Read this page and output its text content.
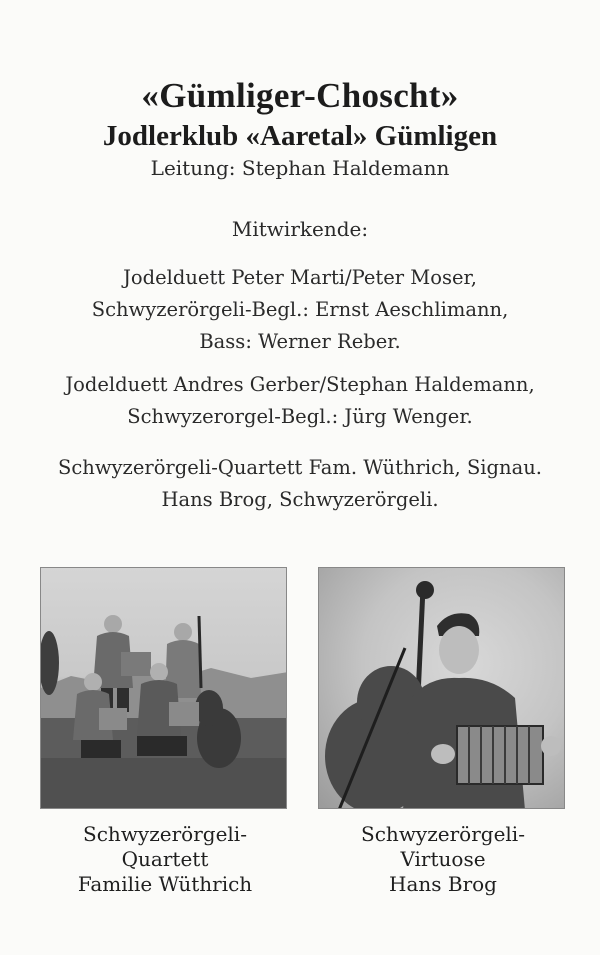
«Gümliger-Choscht»
Jodlerklub «Aaretal» Gümligen
Leitung: Stephan Haldemann
Mitwirkende:
Jodelduett Peter Marti/Peter Moser,
Schwyzerörgeli-Begl.: Ernst Aeschlimann,
Bass: Werner Reber.
Jodelduett Andres Gerber/Stephan Haldemann,
Schwyzerorgel-Begl.: Jürg Wenger.
Schwyzerörgeli-Quartett Fam. Wüthrich, Signau.
Hans Brog, Schwyzerörgeli.
Schwyzerörgeli-
Quartett
Familie Wüthrich
Schwyzerörgeli-
Virtuose
Hans Brog
